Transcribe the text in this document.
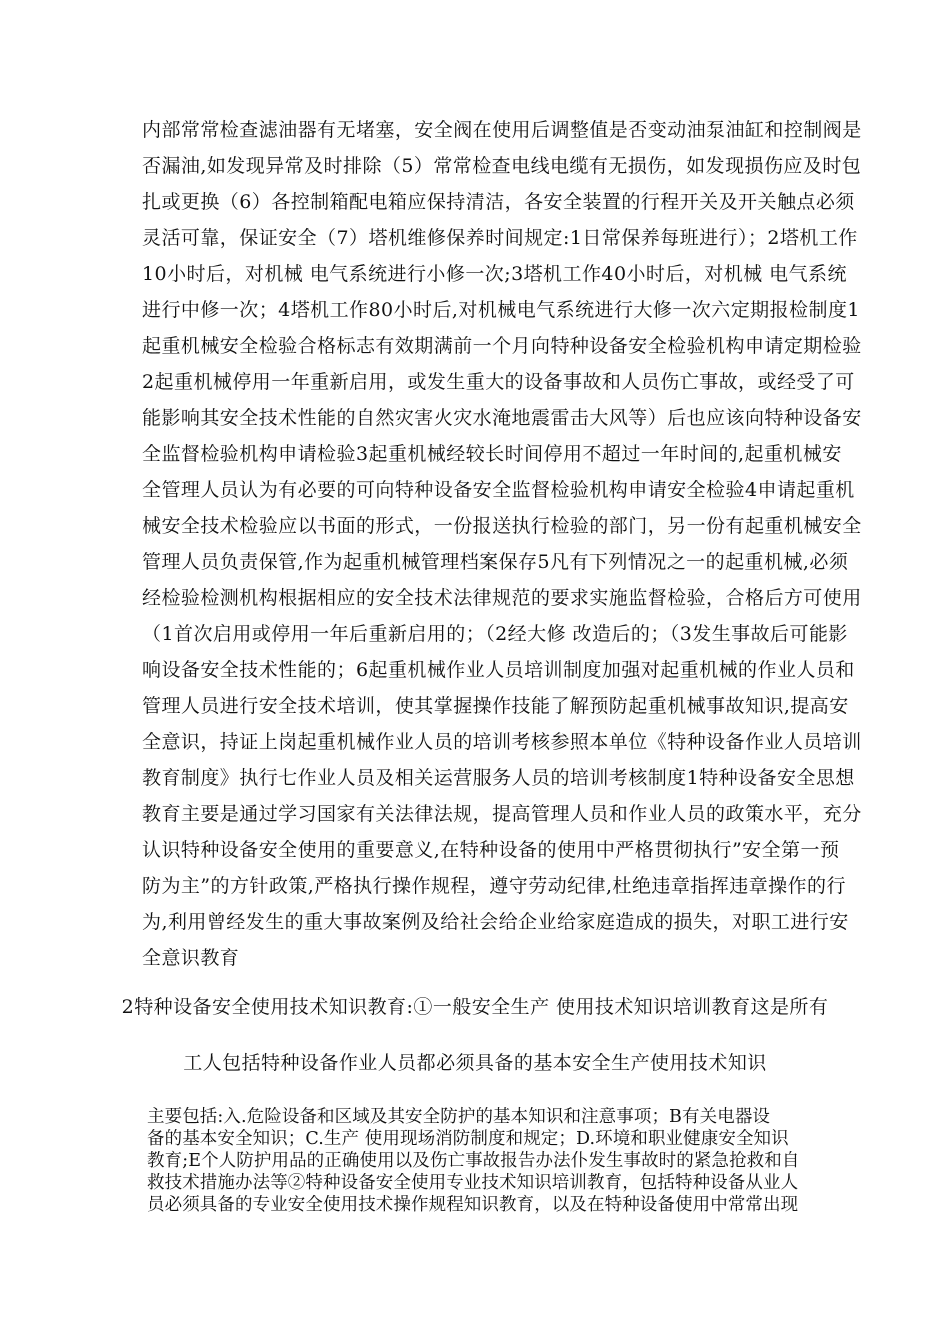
内部常常检查滤油器有无堵塞，安全阀在使用后调整值是否变动油泵油缸和控制阀是
否漏油,如发现异常及时排除（5）常常检查电线电缆有无损伤，如发现损伤应及时包
扎或更换（6）各控制箱配电箱应保持清洁，各安全装置的行程开关及开关触点必须
灵活可靠，保证安全（7）塔机维修保养时间规定:1日常保养每班进行）；2塔机工作
10小时后，对机械 电气系统进行小修一次;3塔机工作40小时后，对机械 电气系统
进行中修一次；4塔机工作80小时后,对机械电气系统进行大修一次六定期报检制度1
起重机械安全检验合格标志有效期满前一个月向特种设备安全检验机构申请定期检验
2起重机械停用一年重新启用，或发生重大的设备事故和人员伤亡事故，或经受了可
能影响其安全技术性能的自然灾害火灾水淹地震雷击大风等）后也应该向特种设备安
全监督检验机构申请检验3起重机械经较长时间停用不超过一年时间的,起重机械安
全管理人员认为有必要的可向特种设备安全监督检验机构申请安全检验4申请起重机
械安全技术检验应以书面的形式，一份报送执行检验的部门，另一份有起重机械安全
管理人员负责保管,作为起重机械管理档案保存5凡有下列情况之一的起重机械,必须
经检验检测机构根据相应的安全技术法律规范的要求实施监督检验，合格后方可使用
（1首次启用或停用一年后重新启用的；（2经大修 改造后的；（3发生事故后可能影
响设备安全技术性能的；6起重机械作业人员培训制度加强对起重机械的作业人员和
管理人员进行安全技术培训，使其掌握操作技能了解预防起重机械事故知识,提高安
全意识，持证上岗起重机械作业人员的培训考核参照本单位《特种设备作业人员培训
教育制度》执行七作业人员及相关运营服务人员的培训考核制度1特种设备安全思想
教育主要是通过学习国家有关法律法规，提高管理人员和作业人员的政策水平，充分
认识特种设备安全使用的重要意义,在特种设备的使用中严格贯彻执行”安全第一预
防为主”的方针政策,严格执行操作规程，遵守劳动纪律,杜绝违章指挥违章操作的行
为,利用曾经发生的重大事故案例及给社会给企业给家庭造成的损失，对职工进行安
全意识教育
2特种设备安全使用技术知识教育:①一般安全生产 使用技术知识培训教育这是所有
工人包括特种设备作业人员都必须具备的基本安全生产使用技术知识
主要包括:入.危险设备和区域及其安全防护的基本知识和注意事项；B有关电器设
备的基本安全知识；C.生产 使用现场消防制度和规定；D.环境和职业健康安全知识
教育;E个人防护用品的正确使用以及伤亡事故报告办法仆发生事故时的紧急抢救和自
救技术措施办法等②特种设备安全使用专业技术知识培训教育，包括特种设备从业人
员必须具备的专业安全使用技术操作规程知识教育，以及在特种设备使用中常常出现
